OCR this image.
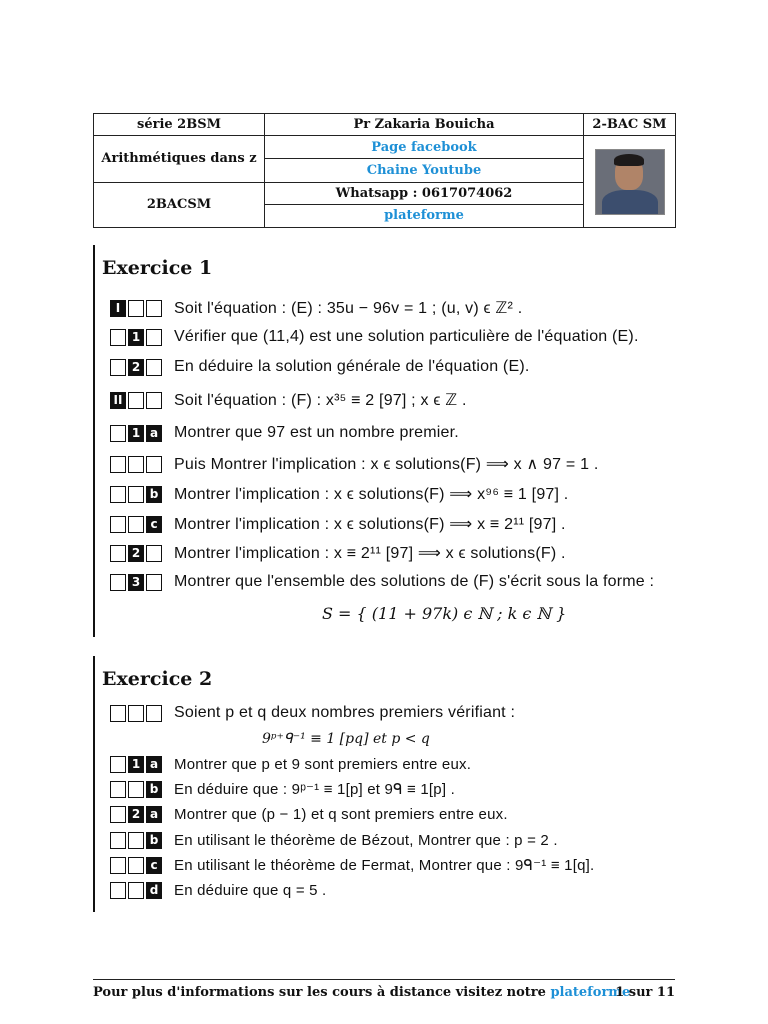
série 2BSM	Pr Zakaria Bouicha	2-BAC SM
Arithmétiques dans z	Page facebook	

	Chaine Youtube	
2BACSM	Whatsapp : 0617074062	
	plateforme	
Exercice 1
I	Soit l'équation : (E) : 35u − 96v = 1 ; (u, v) ϵ ℤ² .
1 Vérifier que (11,4) est une solution particulière de l'équation (E).
2 En déduire la solution générale de l'équation (E).
II	Soit l'équation : (F) : x³⁵ ≡ 2 [97] ; x ϵ ℤ .
1 a Montrer que 97 est un nombre premier.
Puis Montrer l'implication : x ϵ solutions(F) ⟹ x ∧ 97 = 1 .
b Montrer l'implication : x ϵ solutions(F) ⟹ x⁹⁶ ≡ 1 [97] .
c Montrer l'implication : x ϵ solutions(F) ⟹ x ≡ 2¹¹ [97] .
2 Montrer l'implication : x ≡ 2¹¹ [97] ⟹ x ϵ solutions(F) .
3 Montrer que l'ensemble des solutions de (F) s'écrit sous la forme :
S = { (11 + 97k) ϵ ℕ ; k ϵ ℕ }
Exercice 2
Soient p et q deux nombres premiers vérifiant :
9ᵖ⁺ᑫ⁻¹ ≡ 1 [pq] et p < q
1 a Montrer que p et 9 sont premiers entre eux.
b En déduire que : 9ᵖ⁻¹ ≡ 1[p] et 9ᑫ ≡ 1[p] .
2 a Montrer que (p − 1) et q sont premiers entre eux.
b En utilisant le théorème de Bézout, Montrer que : p = 2 .
c En utilisant le théorème de Fermat, Montrer que : 9ᑫ⁻¹ ≡ 1[q].
d En déduire que q = 5 .
Pour plus d'informations sur les cours à distance visitez notre plateforme
1 sur 11
